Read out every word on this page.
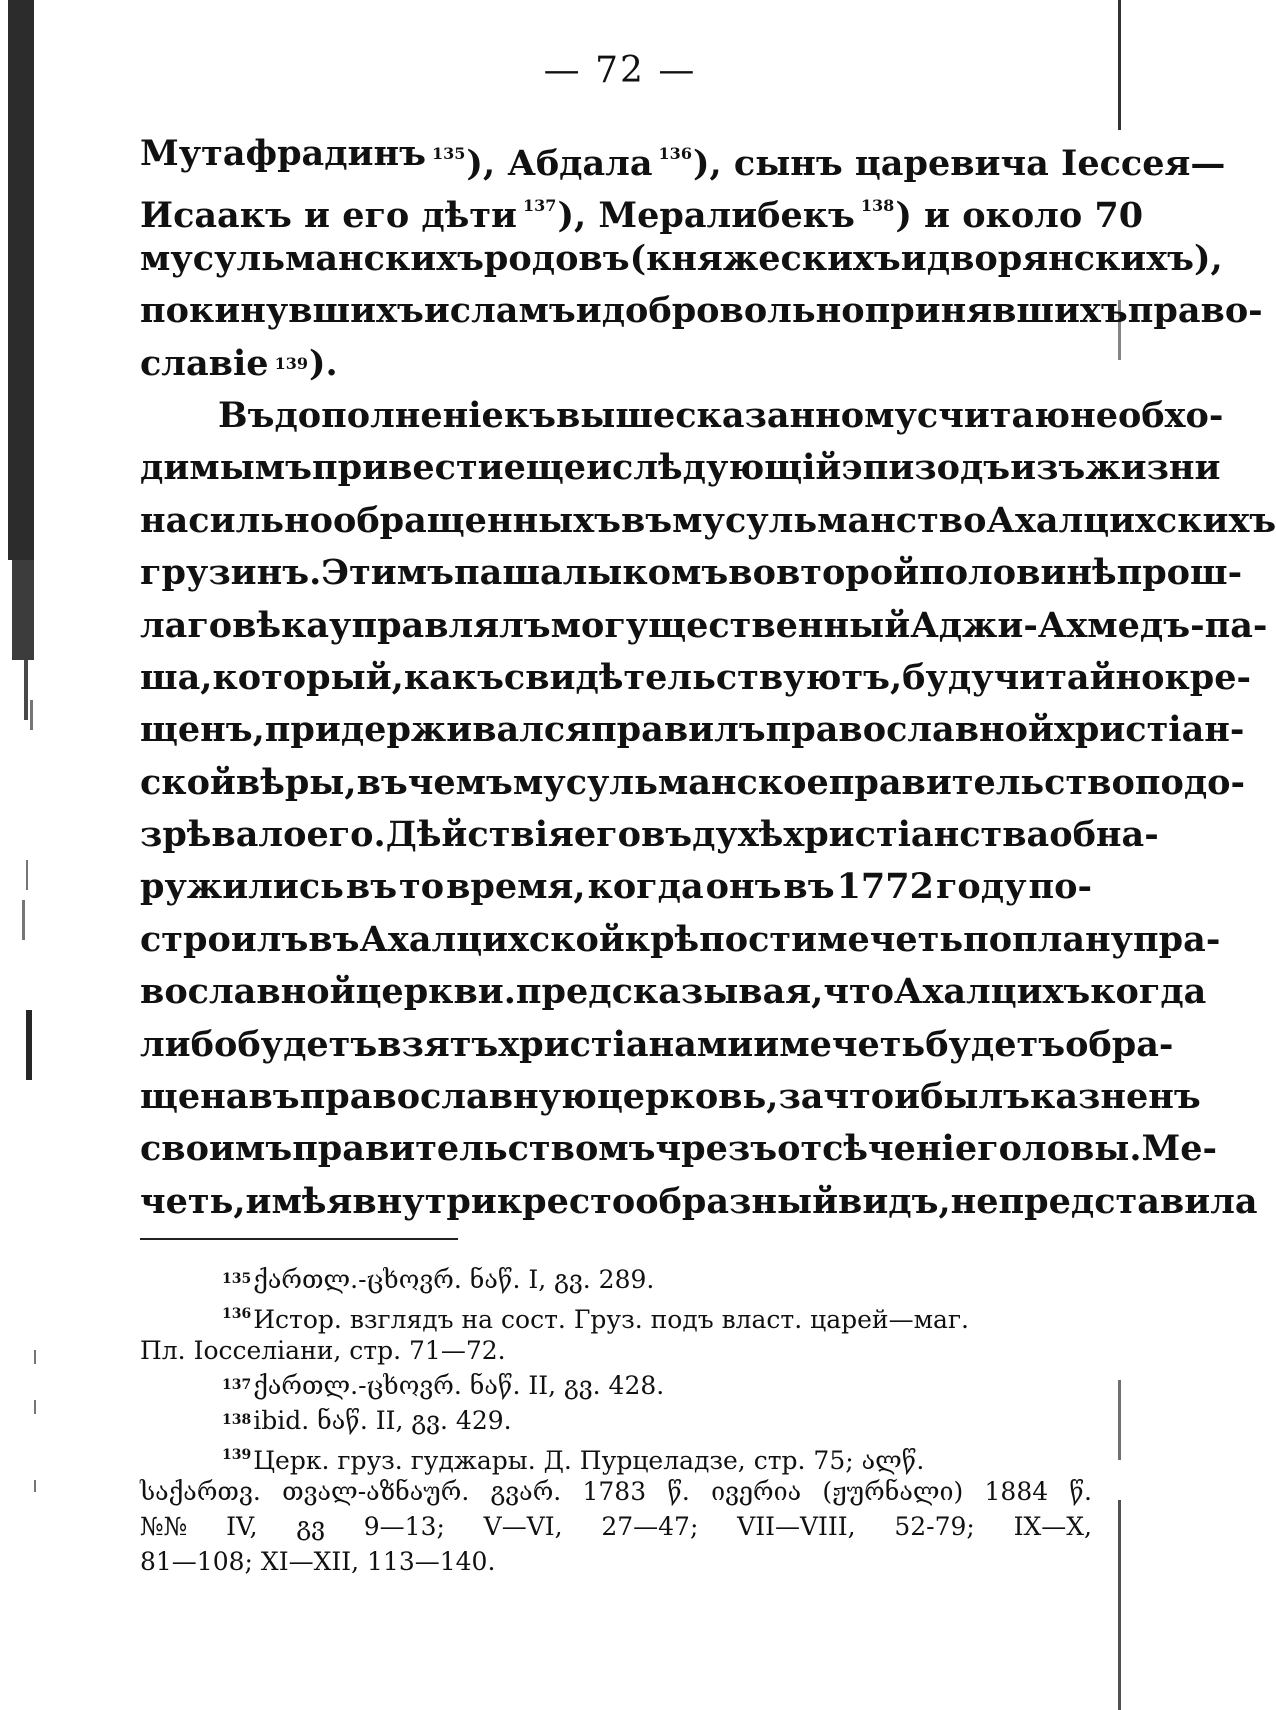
— 72 —
Мутафрадинъ $^{135}$), Абдала $^{136}$), сынъ царевича Іессея—
Исаакъ и его дѣти $^{137}$), Мералибекъ $^{138}$) и около 70
мусульманскихъ родовъ (княжескихъ и дворянскихъ),
покинувшихъ исламъ и добровольно принявшихъ право-
славіе 139 ).
Въ дополненіе къ вышесказанному считаю необхо-
димымъ привести еще и слѣдующій эпизодъ изъ жизни
насильно обращенныхъ въ мусульманство Ахалцихскихъ
грузинъ. Этимъ пашалыкомъ во второй половинѣ прош-
лаго вѣка управлялъ могущественный Аджи-Ахмедъ-па-
ша, который, какъ свидѣтельствуютъ, будучи тайно кре-
щенъ, придерживался правилъ православной христіан-
ской вѣры, въ чемъ мусульманское правительство подо-
зрѣвало его. Дѣйствія его въ духѣ христіанства обна-
ружились въ то время, когда онъ въ 1772 году по-
строилъ въ Ахалцихской крѣпости мечеть по плану пра-
вославной церкви. предсказывая, что Ахалцихъ когда
либо будетъ взятъ христіанами и мечеть будетъ обра-
щена въ православную церковь, за что и былъ казненъ
своимъ правительствомъ чрезъ отсѣченіе головы. Ме-
четь, имѣя внутри крестообразный видъ, непредставила
135 ქართლ.-ცხოვრ. ნაწ. I, გვ. 289.
$^{136}$Истор. взглядъ на сост. Груз. подъ власт. царей—маг.
Пл. Іосселіани, стр. 71—72.
137 ქართლ.-ცხოვრ. ნაწ. II, გვ. 428.
138 ibid. ნაწ. II, გვ. 429.
$^{139}$Церк. груз. гуджары. Д. Пурцеладзе, стр. 75; ალწ.
საქართვ. თვალ-აზნაურ. გვარ. 1783 წ. ივერია (ჟურნალი) 1884 წ.
№№ IV, გვ 9—13; V—VI, 27—47; VII—VIII, 52-79; IX—X,
81—108; XI—XII, 113—140.
